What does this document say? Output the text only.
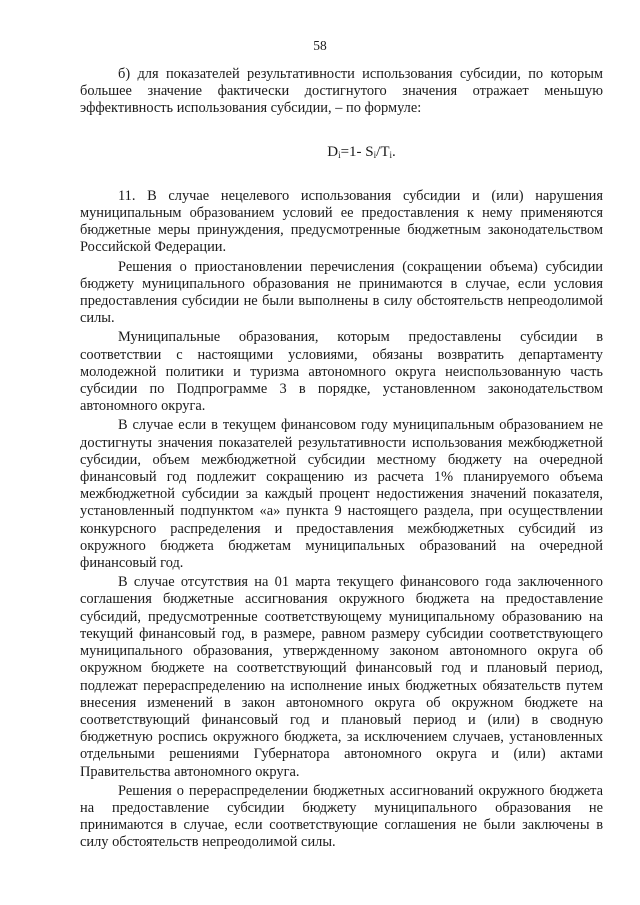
58

б) для показателей результативности использования субсидии, по которым большее значение фактически достигнутого значения отражает меньшую эффективность использования субсидии, – по формуле:

$D_i=1-$ $S_i/T_i$.

11. В случае нецелевого использования субсидии и (или) нарушения муниципальным образованием условий ее предоставления к нему применяются бюджетные меры принуждения, предусмотренные бюджетным законодательством Российской Федерации.

Решения о приостановлении перечисления (сокращении объема) субсидии бюджету муниципального образования не принимаются в случае, если условия предоставления субсидии не были выполнены в силу обстоятельств непреодолимой силы.

Муниципальные образования, которым предоставлены субсидии в соответствии с настоящими условиями, обязаны возвратить департаменту молодежной политики и туризма автономного округа неиспользованную часть субсидии по Подпрограмме 3 в порядке, установленном законодательством автономного округа.

В случае если в текущем финансовом году муниципальным образованием не достигнуты значения показателей результативности использования межбюджетной субсидии, объем межбюджетной субсидии местному бюджету на очередной финансовый год подлежит сокращению из расчета 1% планируемого объема межбюджетной субсидии за каждый процент недостижения значений показателя, установленный подпунктом «а» пункта 9 настоящего раздела, при осуществлении конкурсного распределения и предоставления межбюджетных субсидий из окружного бюджета бюджетам муниципальных образований на очередной финансовый год.

В случае отсутствия на 01 марта текущего финансового года заключенного соглашения бюджетные ассигнования окружного бюджета на предоставление субсидий, предусмотренные соответствующему муниципальному образованию на текущий финансовый год, в размере, равном размеру субсидии соответствующего муниципального образования, утвержденному законом автономного округа об окружном бюджете на соответствующий финансовый год и плановый период, подлежат перераспределению на исполнение иных бюджетных обязательств путем внесения изменений в закон автономного округа об окружном бюджете на соответствующий финансовый год и плановый период и (или) в сводную бюджетную роспись окружного бюджета, за исключением случаев, установленных отдельными решениями Губернатора автономного округа и (или) актами Правительства автономного округа.

Решения о перераспределении бюджетных ассигнований окружного бюджета на предоставление субсидии бюджету муниципального образования не принимаются в случае, если соответствующие соглашения не были заключены в силу обстоятельств непреодолимой силы.
